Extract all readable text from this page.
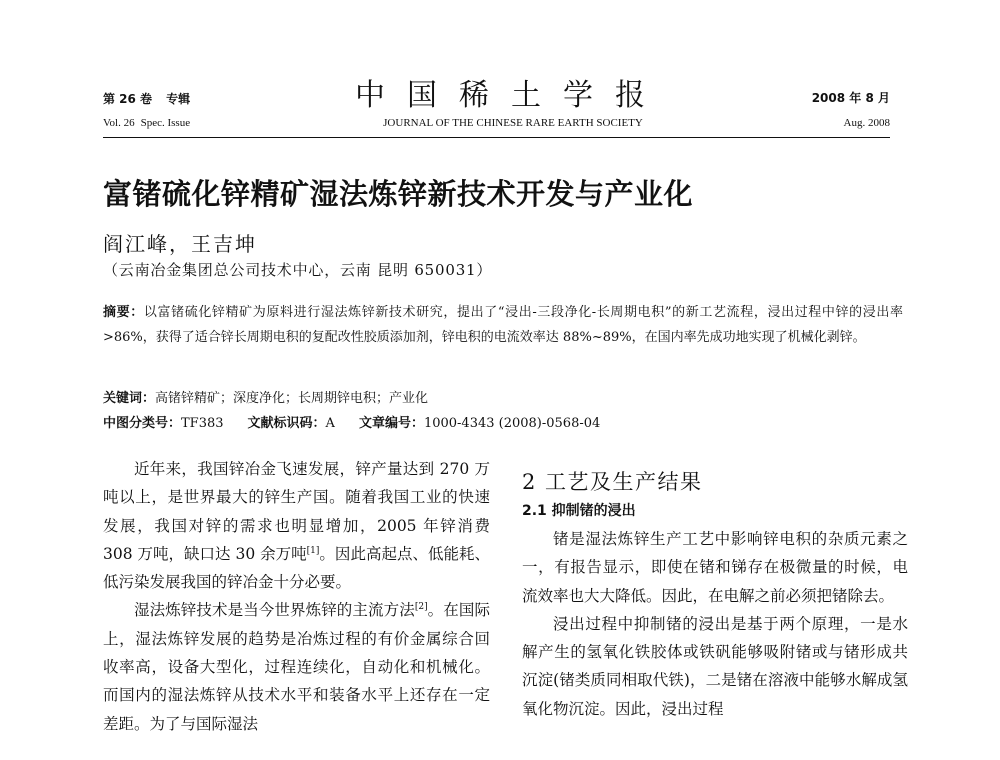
第 26 卷 专辑
Vol. 26 Spec. Issue
中国稀土学报
JOURNAL OF THE CHINESE RARE EARTH SOCIETY
2008 年 8 月
Aug. 2008
富锗硫化锌精矿湿法炼锌新技术开发与产业化
阎江峰，王吉坤
（云南冶金集团总公司技术中心，云南 昆明 650031）
摘要：以富锗硫化锌精矿为原料进行湿法炼锌新技术研究，提出了“浸出-三段净化-长周期电积”的新工艺流程，浸出过程中锌的浸出率>86%，获得了适合锌长周期电积的复配改性胶质添加剂，锌电积的电流效率达 88%~89%，在国内率先成功地实现了机械化剥锌。
关键词：高锗锌精矿；深度净化；长周期锌电积；产业化
中图分类号：TF383 文献标识码：A 文章编号：1000-4343 (2008)-0568-04

近年来，我国锌冶金飞速发展，锌产量达到 270 万吨以上，是世界最大的锌生产国。随着我国工业的快速发展，我国对锌的需求也明显增加，2005 年锌消费 308 万吨，缺口达 30 余万吨[1]。因此高起点、低能耗、低污染发展我国的锌冶金十分必要。

湿法炼锌技术是当今世界炼锌的主流方法[2]。在国际上，湿法炼锌发展的趋势是冶炼过程的有价金属综合回收率高，设备大型化，过程连续化，自动化和机械化。而国内的湿法炼锌从技术水平和装备水平上还存在一定差距。为了与国际湿法

2 工艺及生产结果
2.1 抑制锗的浸出

锗是湿法炼锌生产工艺中影响锌电积的杂质元素之一，有报告显示，即使在锗和锑存在极微量的时候，电流效率也大大降低。因此，在电解之前必须把锗除去。

浸出过程中抑制锗的浸出是基于两个原理，一是水解产生的氢氧化铁胶体或铁矾能够吸附锗或与锗形成共沉淀(锗类质同相取代铁)，二是锗在溶液中能够水解成氢氧化物沉淀。因此，浸出过程
